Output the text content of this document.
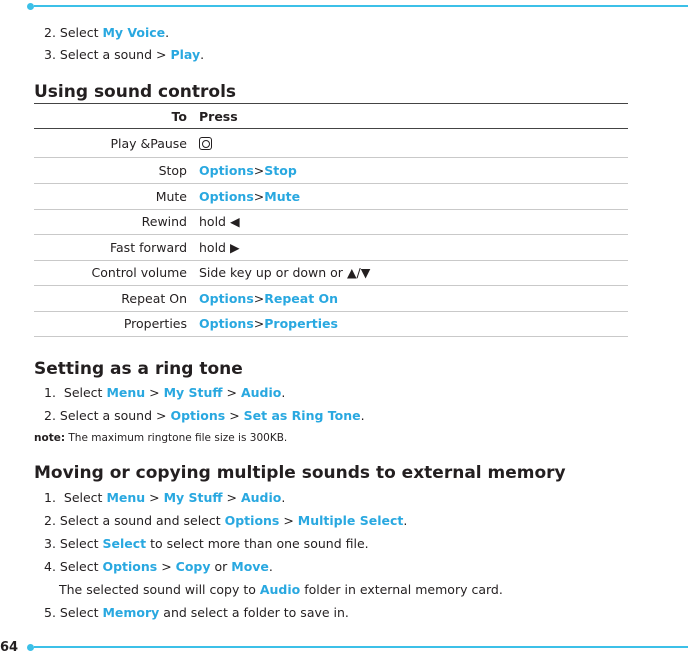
2. Select My Voice.
3. Select a sound > Play.
Using sound controls
To Press
Play &Pause
Stop Options > Stop
Mute Options > Mute
Rewind hold
◀
Fast forward hold
▶
Control volume Side key up or down or
▲/▼
Repeat On Options > Repeat On
Properties Options > Properties
Setting as a ring tone
1. Select Menu > My Stuff > Audio.
2. Select a sound > Options > Set as Ring Tone.
note: The maximum ringtone file size is 300KB.
Moving or copying multiple sounds to external memory
1. Select Menu > My Stuff > Audio.
2. Select a sound and select Options > Multiple Select.
3. Select Select to select more than one sound file.
4. Select Options > Copy or Move.
The selected sound will copy to Audio folder in external memory card.
5. Select Memory and select a folder to save in.
64
